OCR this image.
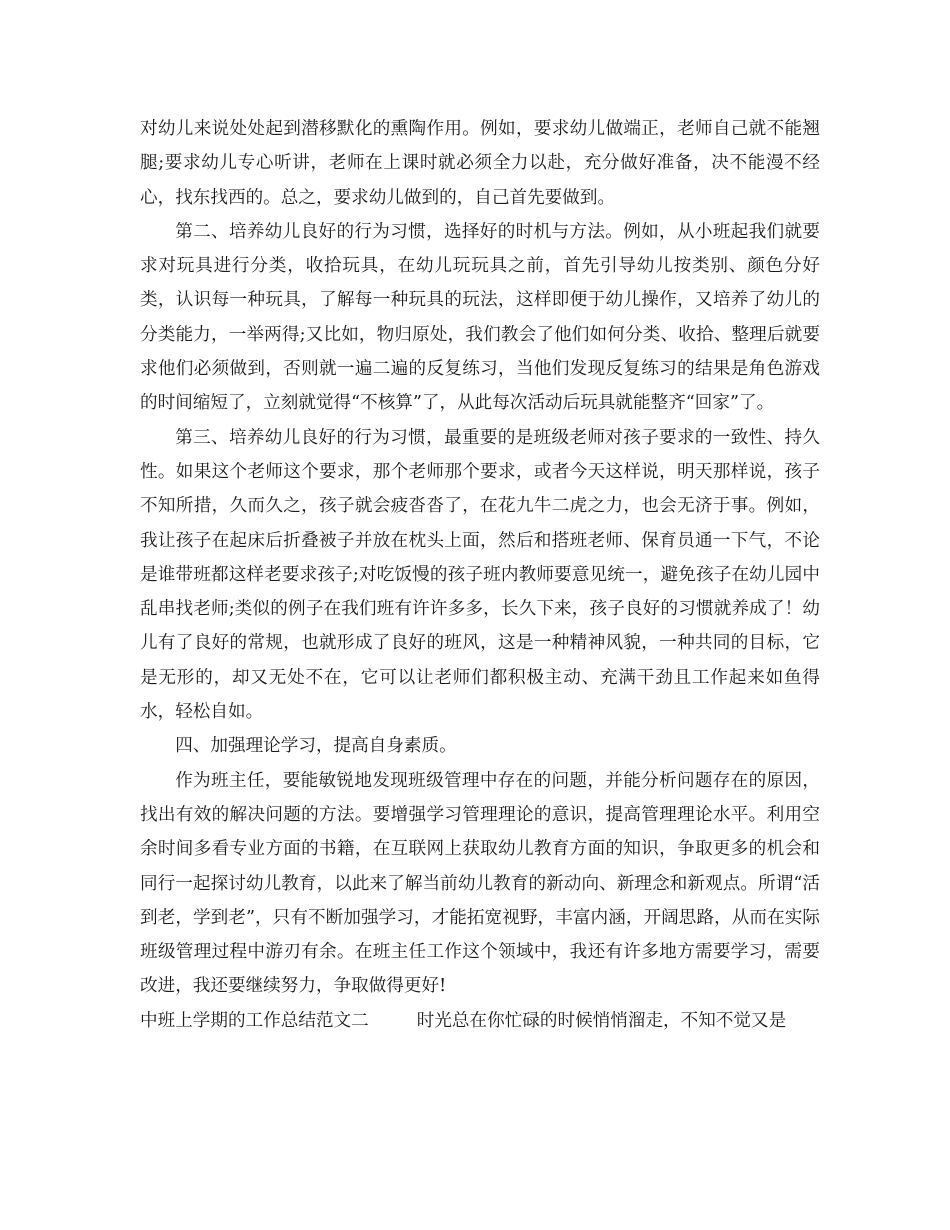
对幼儿来说处处起到潜移默化的熏陶作用。例如，要求幼儿做端正，老师自己就不能翘腿;要求幼儿专心听讲，老师在上课时就必须全力以赴，充分做好准备，决不能漫不经心，找东找西的。总之，要求幼儿做到的，自己首先要做到。

第二、培养幼儿良好的行为习惯，选择好的时机与方法。例如，从小班起我们就要求对玩具进行分类，收拾玩具，在幼儿玩玩具之前，首先引导幼儿按类别、颜色分好类，认识每一种玩具，了解每一种玩具的玩法，这样即便于幼儿操作，又培养了幼儿的分类能力，一举两得;又比如，物归原处，我们教会了他们如何分类、收拾、整理后就要求他们必须做到，否则就一遍二遍的反复练习，当他们发现反复练习的结果是角色游戏的时间缩短了，立刻就觉得“不核算”了，从此每次活动后玩具就能整齐“回家”了。

第三、培养幼儿良好的行为习惯，最重要的是班级老师对孩子要求的一致性、持久性。如果这个老师这个要求，那个老师那个要求，或者今天这样说，明天那样说，孩子不知所措，久而久之，孩子就会疲沓沓了，在花九牛二虎之力，也会无济于事。例如，我让孩子在起床后折叠被子并放在枕头上面，然后和搭班老师、保育员通一下气，不论是谁带班都这样老要求孩子;对吃饭慢的孩子班内教师要意见统一，避免孩子在幼儿园中乱串找老师;类似的例子在我们班有许许多多，长久下来，孩子良好的习惯就养成了！幼儿有了良好的常规，也就形成了良好的班风，这是一种精神风貌，一种共同的目标，它是无形的，却又无处不在，它可以让老师们都积极主动、充满干劲且工作起来如鱼得水，轻松自如。

四、加强理论学习，提高自身素质。

作为班主任，要能敏锐地发现班级管理中存在的问题，并能分析问题存在的原因，找出有效的解决问题的方法。要增强学习管理理论的意识，提高管理理论水平。利用空余时间多看专业方面的书籍，在互联网上获取幼儿教育方面的知识，争取更多的机会和同行一起探讨幼儿教育，以此来了解当前幼儿教育的新动向、新理念和新观点。所谓“活到老，学到老”，只有不断加强学习，才能拓宽视野，丰富内涵，开阔思路，从而在实际班级管理过程中游刃有余。在班主任工作这个领域中，我还有许多地方需要学习，需要改进，我还要继续努力，争取做得更好!

中班上学期的工作总结范文二	时光总在你忙碌的时候悄悄溜走，不知不觉又是
